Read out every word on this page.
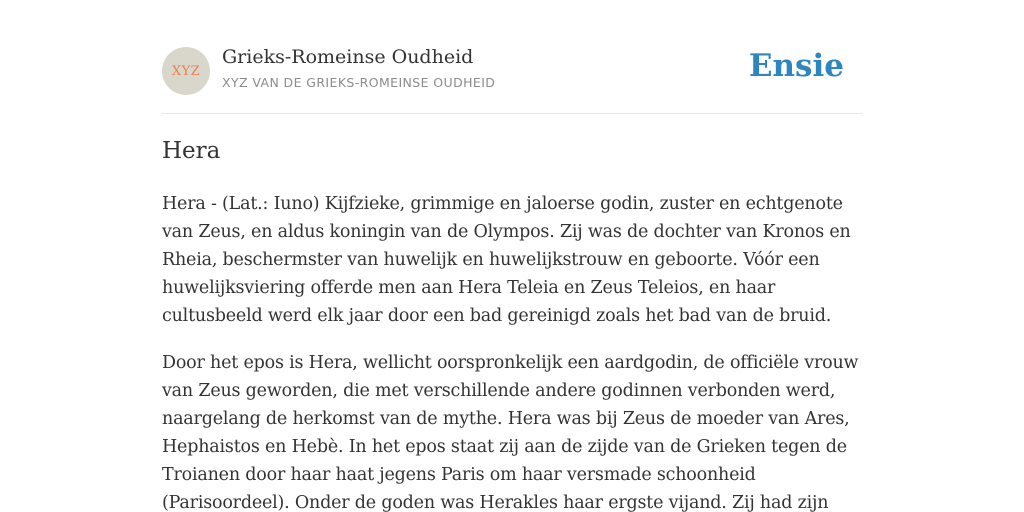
XYZ
Grieks-Romeinse Oudheid
XYZ VAN DE GRIEKS-ROMEINSE OUDHEID	Ensie
Hera

Hera - (Lat.: Iuno) Kijfzieke, grimmige en jaloerse godin, zuster en echtgenote
van Zeus, en aldus koningin van de Olympos. Zij was de dochter van Kronos en
Rheia, beschermster van huwelijk en huwelijkstrouw en geboorte. Vóór een
huwelijksviering offerde men aan Hera Teleia en Zeus Teleios, en haar
cultusbeeld werd elk jaar door een bad gereinigd zoals het bad van de bruid.

Door het epos is Hera, wellicht oorspronkelijk een aardgodin, de officiële vrouw
van Zeus geworden, die met verschillende andere godinnen verbonden werd,
naargelang de herkomst van de mythe. Hera was bij Zeus de moeder van Ares,
Hephaistos en Hebè. In het epos staat zij aan de zijde van de Grieken tegen de
Troianen door haar haat jegens Paris om haar versmade schoonheid
(Parisoordeel). Onder de goden was Herakles haar ergste vijand. Zij had zijn
